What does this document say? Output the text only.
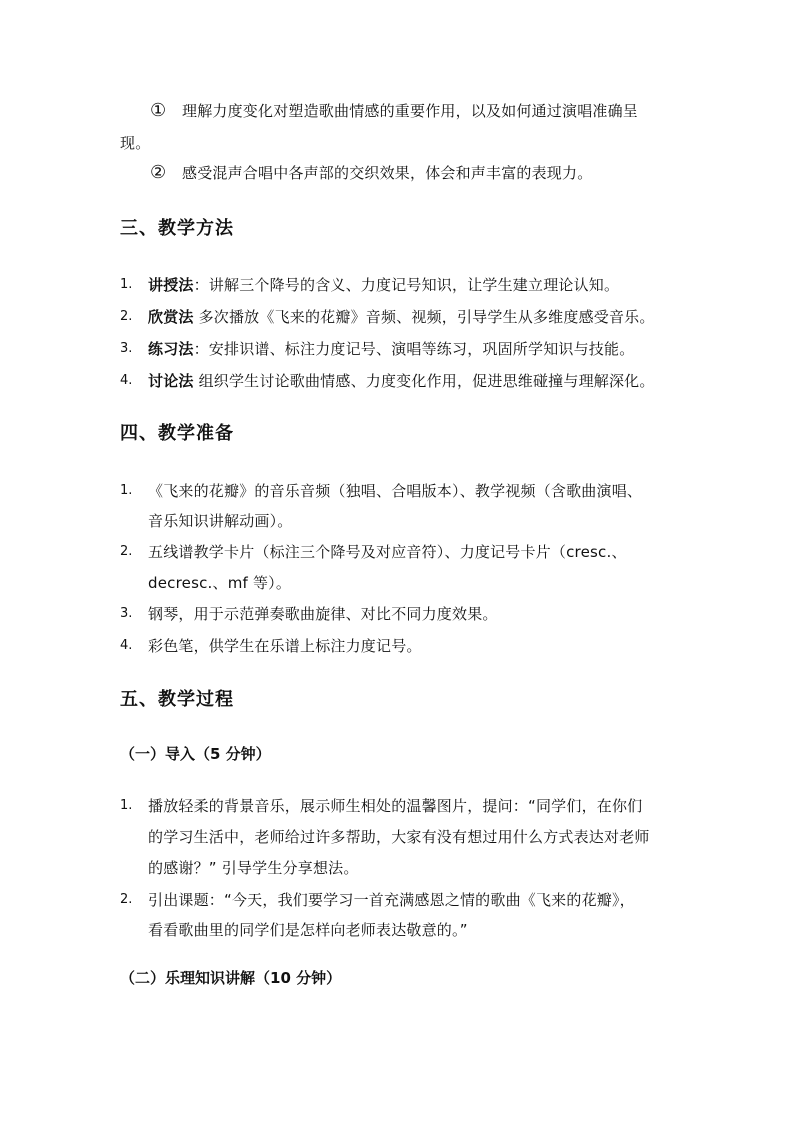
① 理解力度变化对塑造歌曲情感的重要作用，以及如何通过演唱准确呈
现。
② 感受混声合唱中各声部的交织效果，体会和声丰富的表现力。
三、教学方法
1.	讲授法：讲解三个降号的含义、力度记号知识，让学生建立理论认知。
2.	欣赏法 多次播放《飞来的花瓣》音频、视频，引导学生从多维度感受音乐。
3.	练习法：安排识谱、标注力度记号、演唱等练习，巩固所学知识与技能。
4.	讨论法 组织学生讨论歌曲情感、力度变化作用，促进思维碰撞与理解深化。
四、教学准备
1.	《飞来的花瓣》的音乐音频（独唱、合唱版本）、教学视频（含歌曲演唱、
音乐知识讲解动画）。
2.	五线谱教学卡片（标注三个降号及对应音符）、力度记号卡片（cresc.、
decresc.、mf 等）。
3.	钢琴，用于示范弹奏歌曲旋律、对比不同力度效果。
4.	彩色笔，供学生在乐谱上标注力度记号。
五、教学过程
（一）导入（5 分钟）
1.	播放轻柔的背景音乐，展示师生相处的温馨图片，提问：“同学们，在你们
的学习生活中，老师给过许多帮助，大家有没有想过用什么方式表达对老师
的感谢？” 引导学生分享想法。
2.	引出课题：“今天，我们要学习一首充满感恩之情的歌曲《飞来的花瓣》，
看看歌曲里的同学们是怎样向老师表达敬意的。”
（二）乐理知识讲解（10 分钟）
